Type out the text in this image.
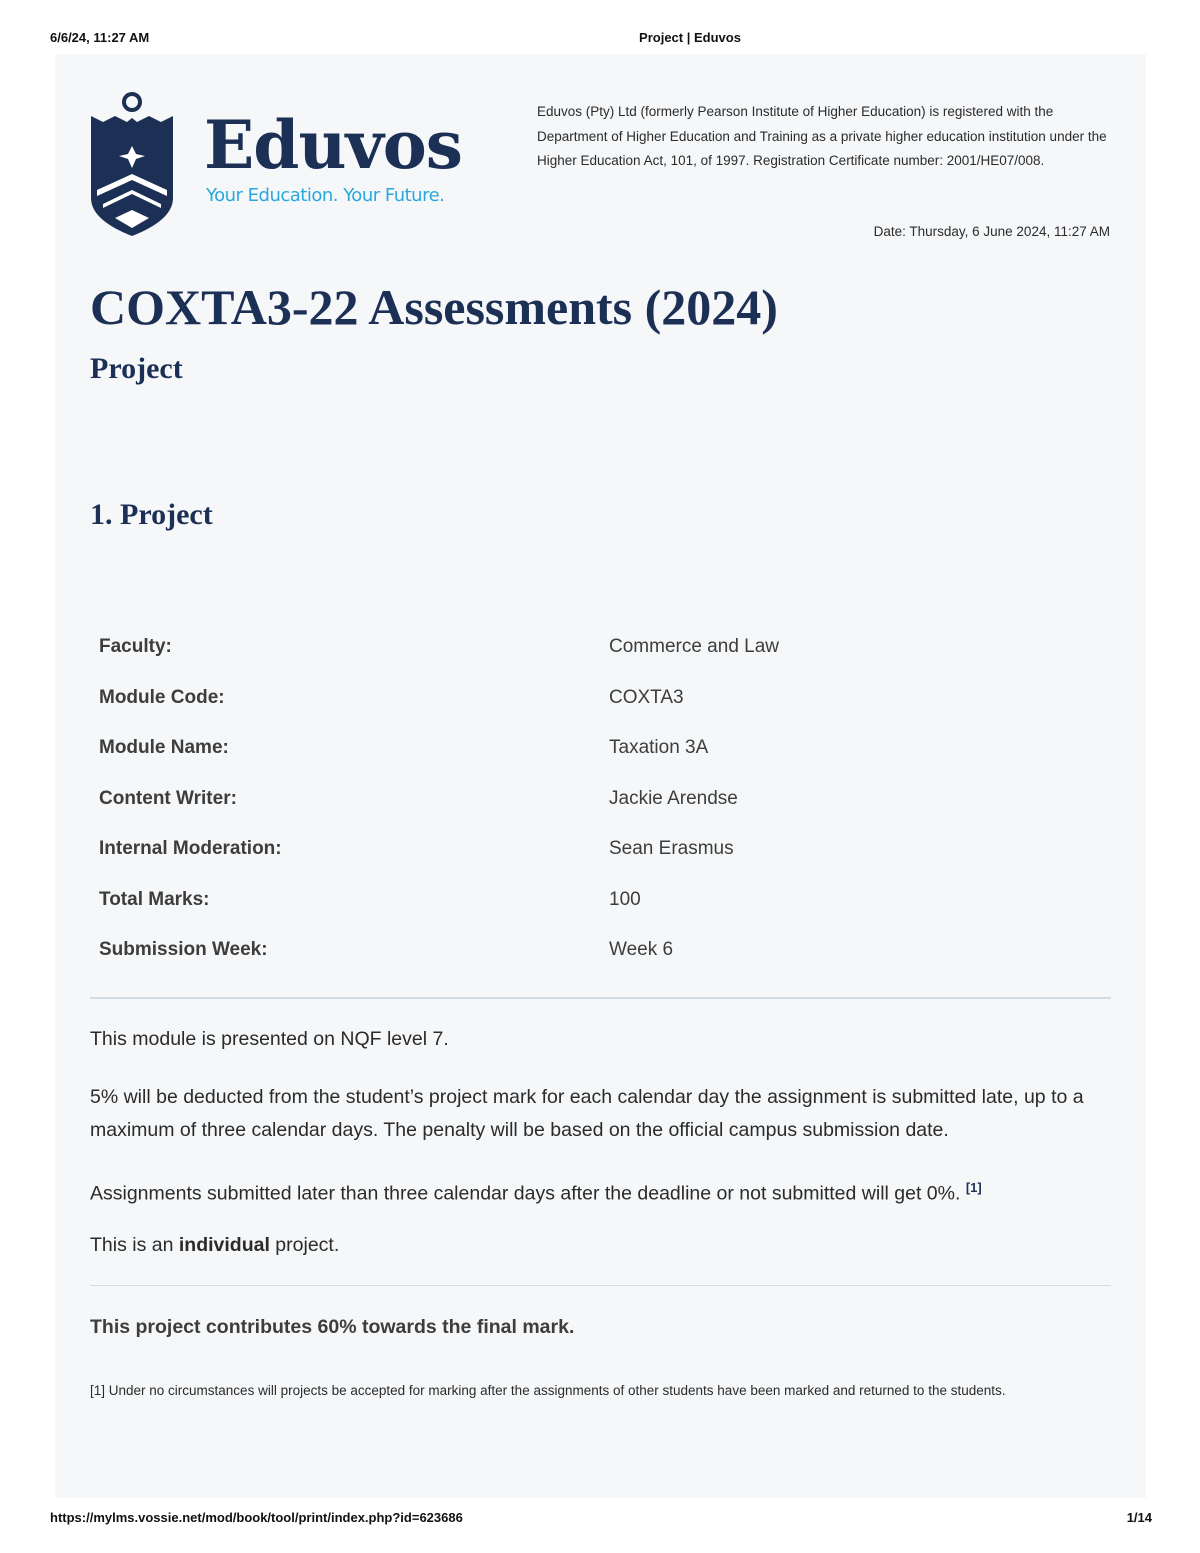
6/6/24, 11:27 AM	Project | Eduvos
Eduvos
Your Education. Your Future.
Eduvos (Pty) Ltd (formerly Pearson Institute of Higher Education) is registered with the Department of Higher Education and Training as a private higher education institution under the Higher Education Act, 101, of 1997. Registration Certificate number: 2001/HE07/008.
Date: Thursday, 6 June 2024, 11:27 AM
COXTA3-22 Assessments (2024)
Project
1. Project
Faculty:	Commerce and Law
Module Code:	COXTA3
Module Name:	Taxation 3A
Content Writer:	Jackie Arendse
Internal Moderation:	Sean Erasmus
Total Marks:	100
Submission Week:	Week 6

This module is presented on NQF level 7.

5% will be deducted from the student’s project mark for each calendar day the assignment is submitted late, up to a maximum of three calendar days. The penalty will be based on the official campus submission date.

Assignments submitted later than three calendar days after the deadline or not submitted will get 0%. [1]

This is an individual project.

This project contributes 60% towards the final mark.

[1] Under no circumstances will projects be accepted for marking after the assignments of other students have been marked and returned to the students.

https://mylms.vossie.net/mod/book/tool/print/index.php?id=623686	1/14
